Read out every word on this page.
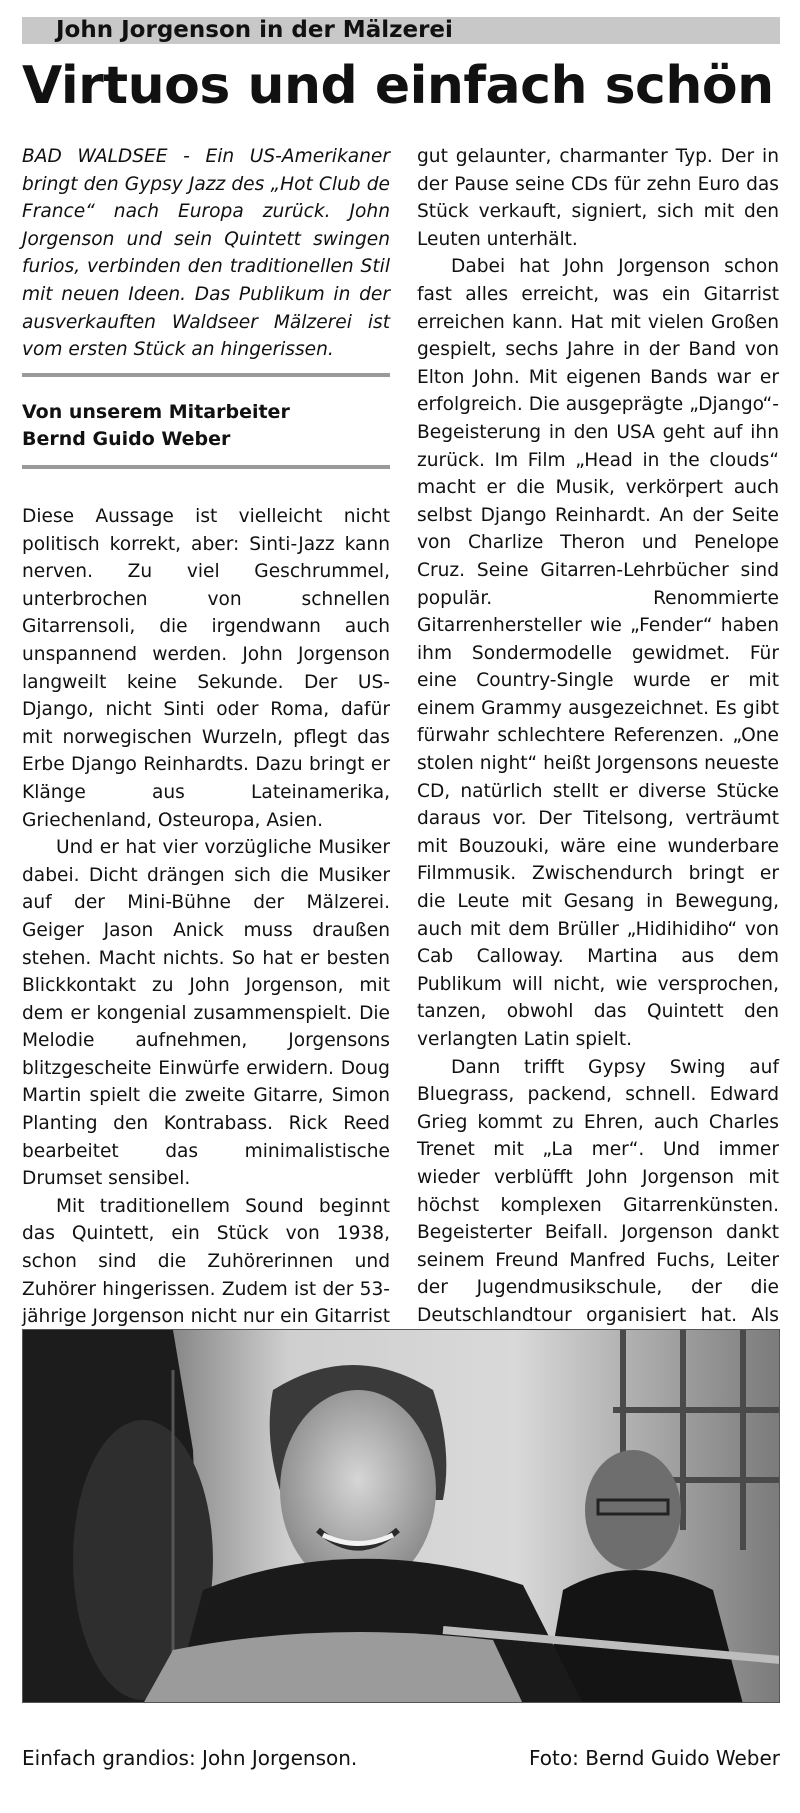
John Jorgenson in der Mälzerei
Virtuos und einfach schön
BAD WALDSEE - Ein US-Amerikaner bringt den Gypsy Jazz des „Hot Club de France“ nach Europa zurück. John Jorgenson und sein Quintett swingen furios, verbinden den traditionellen Stil mit neuen Ideen. Das Publikum in der ausverkauften Waldseer Mälzerei ist vom ersten Stück an hingerissen.
Von unserem Mitarbeiter
Bernd Guido Weber

Diese Aussage ist vielleicht nicht politisch korrekt, aber: Sinti-Jazz kann nerven. Zu viel Geschrummel, unterbrochen von schnellen Gitarrensoli, die irgendwann auch unspannend werden. John Jorgenson langweilt keine Sekunde. Der US-Django, nicht Sinti oder Roma, dafür mit norwegischen Wurzeln, pflegt das Erbe Django Reinhardts. Dazu bringt er Klänge aus Lateinamerika, Griechenland, Osteuropa, Asien.

Und er hat vier vorzügliche Musiker dabei. Dicht drängen sich die Musiker auf der Mini-Bühne der Mälzerei. Geiger Jason Anick muss draußen stehen. Macht nichts. So hat er besten Blickkontakt zu John Jorgenson, mit dem er kongenial zusammenspielt. Die Melodie aufnehmen, Jorgensons blitzgescheite Einwürfe erwidern. Doug Martin spielt die zweite Gitarre, Simon Planting den Kontrabass. Rick Reed bearbeitet das minimalistische Drumset sensibel.

Mit traditionellem Sound beginnt das Quintett, ein Stück von 1938, schon sind die Zuhörerinnen und Zuhörer hingerissen. Zudem ist der 53-jährige Jorgenson nicht nur ein Gitarrist

gut gelaunter, charmanter Typ. Der in der Pause seine CDs für zehn Euro das Stück verkauft, signiert, sich mit den Leuten unterhält.

Dabei hat John Jorgenson schon fast alles erreicht, was ein Gitarrist erreichen kann. Hat mit vielen Großen gespielt, sechs Jahre in der Band von Elton John. Mit eigenen Bands war er erfolgreich. Die ausgeprägte „Django“-Begeisterung in den USA geht auf ihn zurück. Im Film „Head in the clouds“ macht er die Musik, verkörpert auch selbst Django Reinhardt. An der Seite von Charlize Theron und Penelope Cruz. Seine Gitarren-Lehrbücher sind populär. Renommierte Gitarrenhersteller wie „Fender“ haben ihm Sondermodelle gewidmet. Für eine Country-Single wurde er mit einem Grammy ausgezeichnet. Es gibt fürwahr schlechtere Referenzen. „One stolen night“ heißt Jorgensons neueste CD, natürlich stellt er diverse Stücke daraus vor. Der Titelsong, verträumt mit Bouzouki, wäre eine wunderbare Filmmusik. Zwischendurch bringt er die Leute mit Gesang in Bewegung, auch mit dem Brüller „Hidihidiho“ von Cab Calloway. Martina aus dem Publikum will nicht, wie versprochen, tanzen, obwohl das Quintett den verlangten Latin spielt.

Dann trifft Gypsy Swing auf Bluegrass, packend, schnell. Edward Grieg kommt zu Ehren, auch Charles Trenet mit „La mer“. Und immer wieder verblüfft John Jorgenson mit höchst komplexen Gitarrenkünsten. Begeisterter Beifall. Jorgenson dankt seinem Freund Manfred Fuchs, Leiter der Jugendmusikschule, der die Deutschlandtour organisiert hat. Als

Einfach grandios: John Jorgenson.	Foto: Bernd Guido Weber
